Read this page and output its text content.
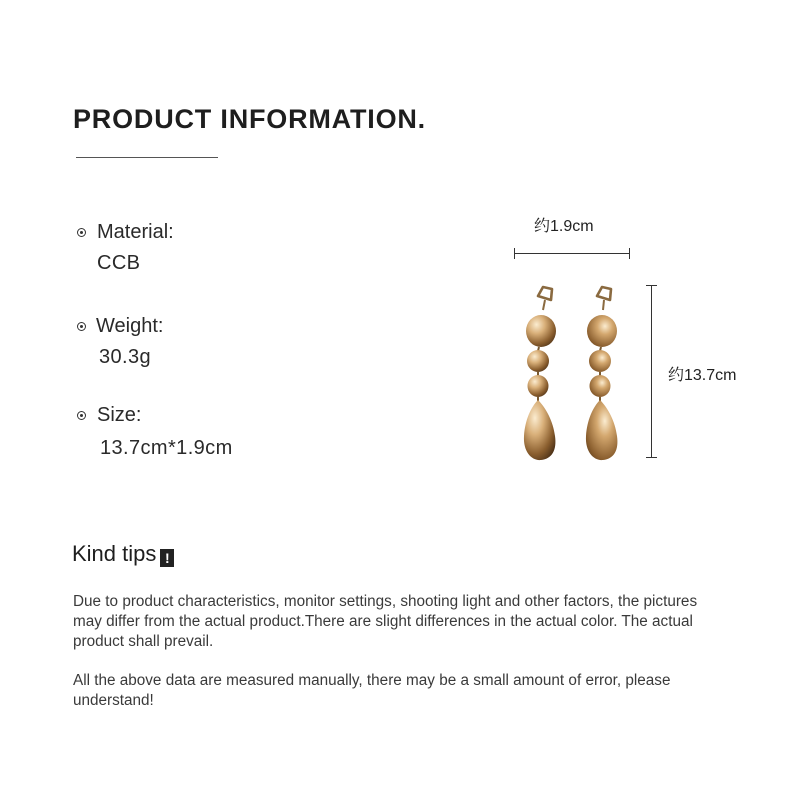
PRODUCT INFORMATION.
Material:
CCB
Weight:
30.3g
Size:
13.7cm*1.9cm
约1.9cm
约13.7cm
Kind tips !
Due to product characteristics, monitor settings, shooting light and other factors, the pictures may differ from the actual product.There are slight differences in the actual color. The actual product shall prevail.
All the above data are measured manually, there may be a small amount of error, please understand!
